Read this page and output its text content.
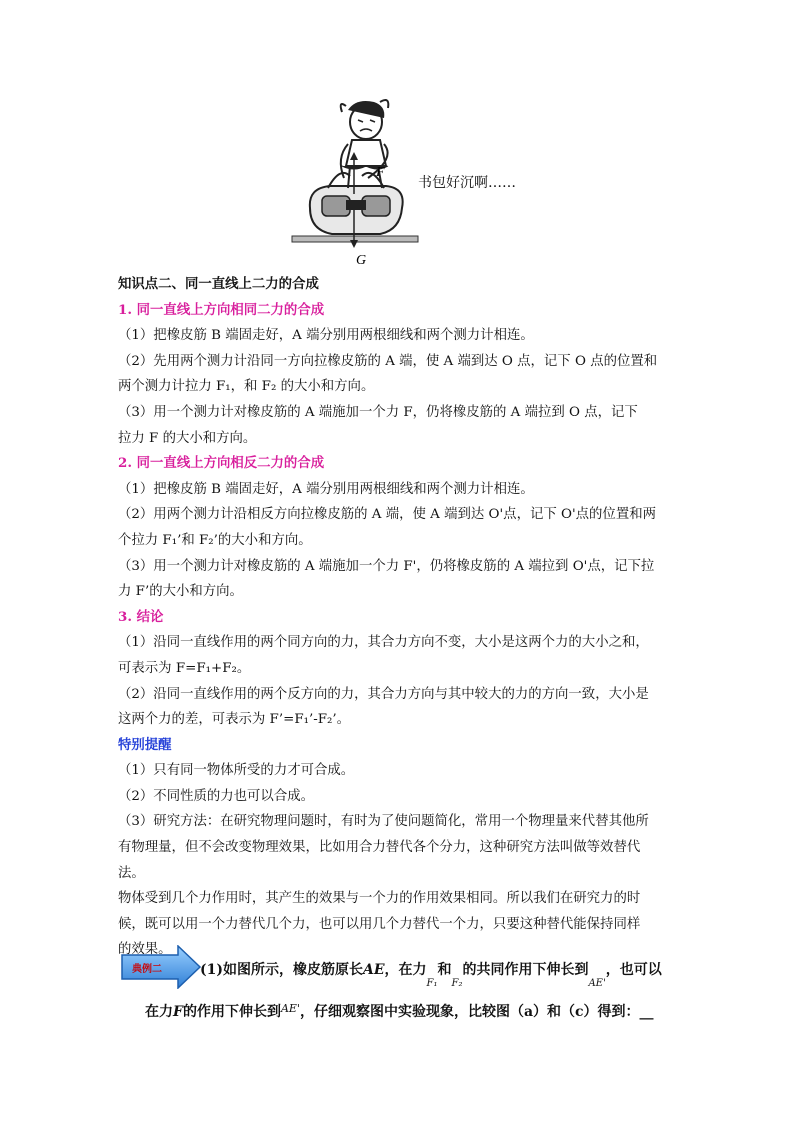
F
G
书包好沉啊……
知识点二、同一直线上二力的合成
1. 同一直线上方向相同二力的合成
（1）把橡皮筋 B 端固走好，A 端分别用两根细线和两个测力计相连。
（2）先用两个测力计沿同一方向拉橡皮筋的 A 端，使 A 端到达 O 点，记下 O 点的位置和
两个测力计拉力 F₁，和 F₂ 的大小和方向。
（3）用一个测力计对橡皮筋的 A 端施加一个力 F，仍将橡皮筋的 A 端拉到 O 点，记下
拉力 F 的大小和方向。
2. 同一直线上方向相反二力的合成
（1）把橡皮筋 B 端固走好，A 端分别用两根细线和两个测力计相连。
（2）用两个测力计沿相反方向拉橡皮筋的 A 端，使 A 端到达 O'点，记下 O'点的位置和两
个拉力 F₁’和 F₂’的大小和方向。
（3）用一个测力计对橡皮筋的 A 端施加一个力 F'，仍将橡皮筋的 A 端拉到 O'点，记下拉
力 F’的大小和方向。
3. 结论
（1）沿同一直线作用的两个同方向的力，其合力方向不变，大小是这两个力的大小之和，
可表示为 F=F₁+F₂。
（2）沿同一直线作用的两个反方向的力，其合力方向与其中较大的力的方向一致，大小是
这两个力的差，可表示为 F’=F₁’-F₂’。
特别提醒
（1）只有同一物体所受的力才可合成。
（2）不同性质的力也可以合成。
（3）研究方法：在研究物理问题时，有时为了使问题简化，常用一个物理量来代替其他所
有物理量，但不会改变物理效果，比如用合力替代各个分力，这种研究方法叫做等效替代
法。
物体受到几个力作用时，其产生的效果与一个力的作用效果相同。所以我们在研究力的时
候，既可以用一个力替代几个力，也可以用几个力替代一个力，只要这种替代能保持同样
的效果。
典例二	(1)如图所示，橡皮筋原长AE，在力$_{F_1}$和$_{F_2}$的共同作用下伸长到$_{AE'}$，也可以
在力F的作用下伸长到$^{AE'}$，仔细观察图中实验现象，比较图（a）和（c）得到：__
